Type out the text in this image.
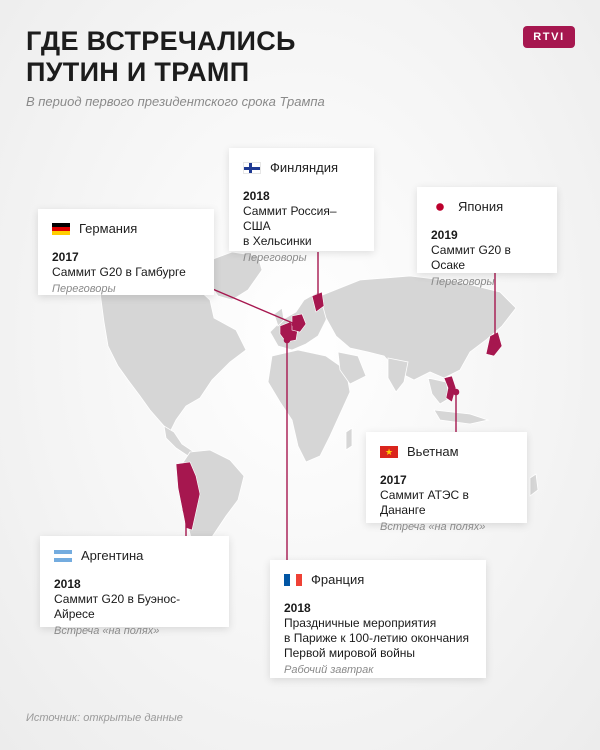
ГДЕ ВСТРЕЧАЛИСЬ
ПУТИН И ТРАМП
RTVI
В период первого президентского срока Трампа
Германия
2017
Саммит G20 в Гамбурге
Переговоры
Финляндия
2018
Саммит Россия–США
в Хельсинки
Переговоры
Япония
2019
Саммит G20 в Осаке
Переговоры
★	Вьетнам
2017
Саммит АТЭС в Дананге
Встреча «на полях»
Аргентина
2018
Саммит G20 в Буэнос-Айресе
Встреча «на полях»
Франция
2018
Праздничные мероприятия
в Париже к 100-летию окончания
Первой мировой войны
Рабочий завтрак
Источник: открытые данные
